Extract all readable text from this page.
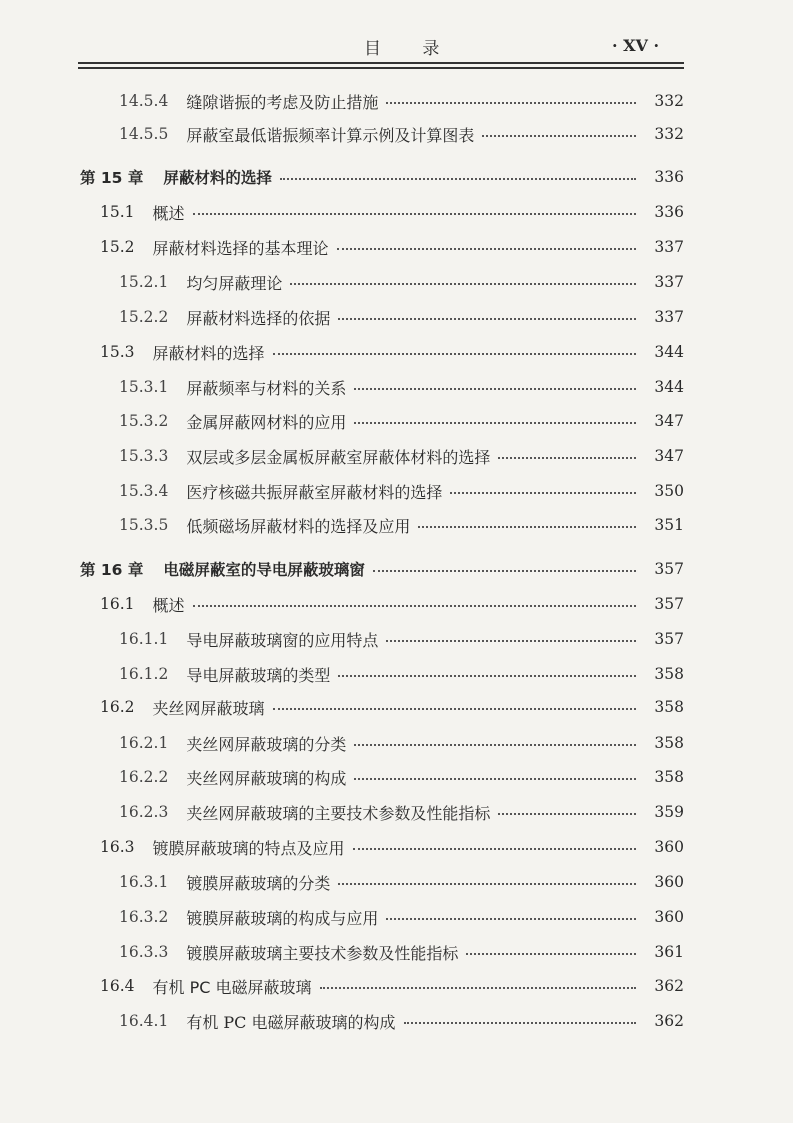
目 录	· XV ·
14.5.4 缝隙谐振的考虑及防止措施	332
14.5.5 屏蔽室最低谐振频率计算示例及计算图表	332
第 15 章 屏蔽材料的选择	336
15.1 概述	336
15.2 屏蔽材料选择的基本理论	337
15.2.1 均匀屏蔽理论	337
15.2.2 屏蔽材料选择的依据	337
15.3 屏蔽材料的选择	344
15.3.1 屏蔽频率与材料的关系	344
15.3.2 金属屏蔽网材料的应用	347
15.3.3 双层或多层金属板屏蔽室屏蔽体材料的选择	347
15.3.4 医疗核磁共振屏蔽室屏蔽材料的选择	350
15.3.5 低频磁场屏蔽材料的选择及应用	351
第 16 章 电磁屏蔽室的导电屏蔽玻璃窗	357
16.1 概述	357
16.1.1 导电屏蔽玻璃窗的应用特点	357
16.1.2 导电屏蔽玻璃的类型	358
16.2 夹丝网屏蔽玻璃	358
16.2.1 夹丝网屏蔽玻璃的分类	358
16.2.2 夹丝网屏蔽玻璃的构成	358
16.2.3 夹丝网屏蔽玻璃的主要技术参数及性能指标	359
16.3 镀膜屏蔽玻璃的特点及应用	360
16.3.1 镀膜屏蔽玻璃的分类	360
16.3.2 镀膜屏蔽玻璃的构成与应用	360
16.3.3 镀膜屏蔽玻璃主要技术参数及性能指标	361
16.4 有机 PC 电磁屏蔽玻璃	362
16.4.1 有机 PC 电磁屏蔽玻璃的构成	362
